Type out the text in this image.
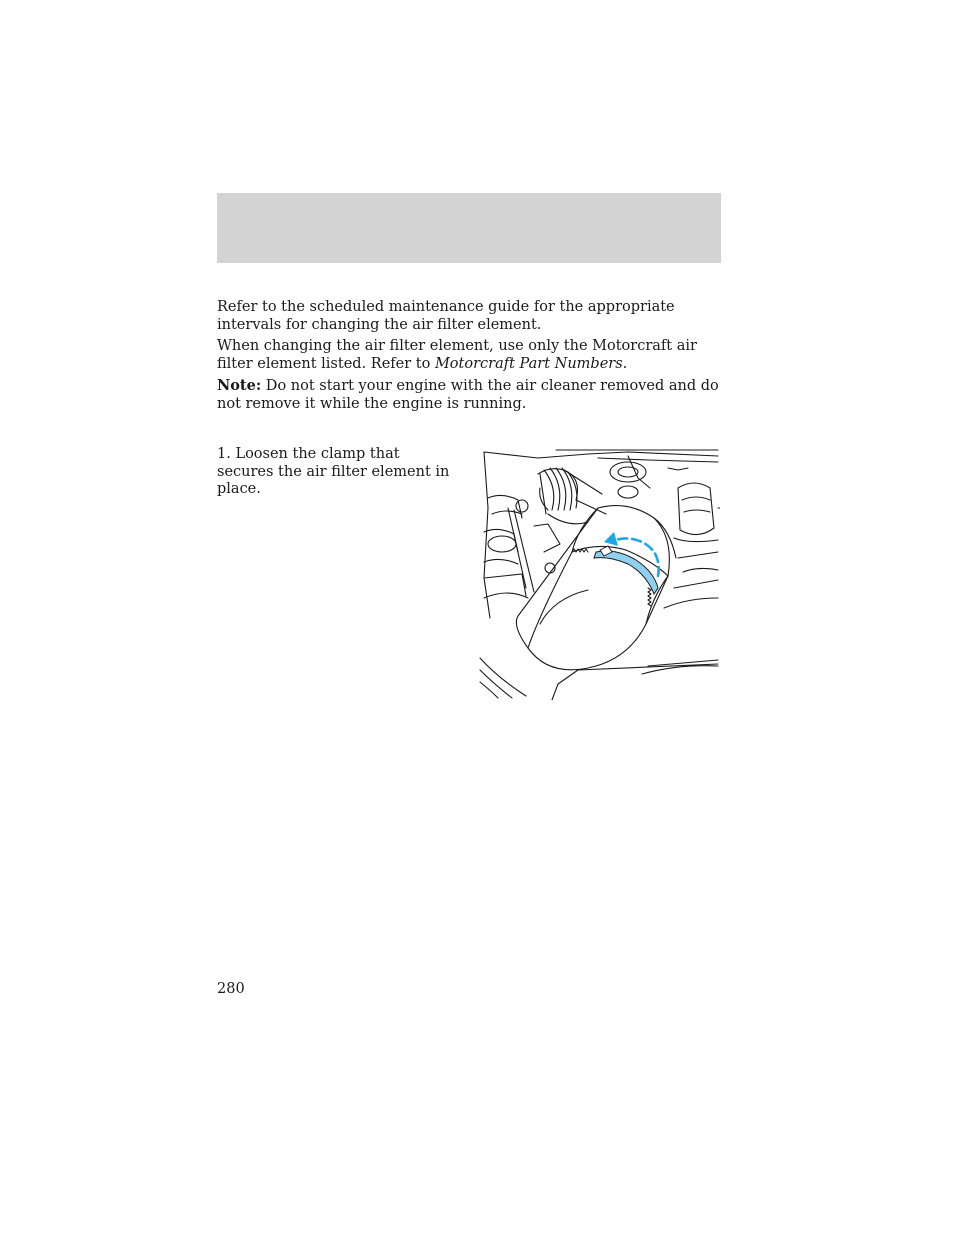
Refer to the scheduled maintenance guide for the appropriate intervals for changing the air filter element.

When changing the air filter element, use only the Motorcraft air filter element listed. Refer to Motorcraft Part Numbers.

Note: Do not start your engine with the air cleaner removed and do not remove it while the engine is running.

1. Loosen the clamp that secures the air filter element in place.

280
